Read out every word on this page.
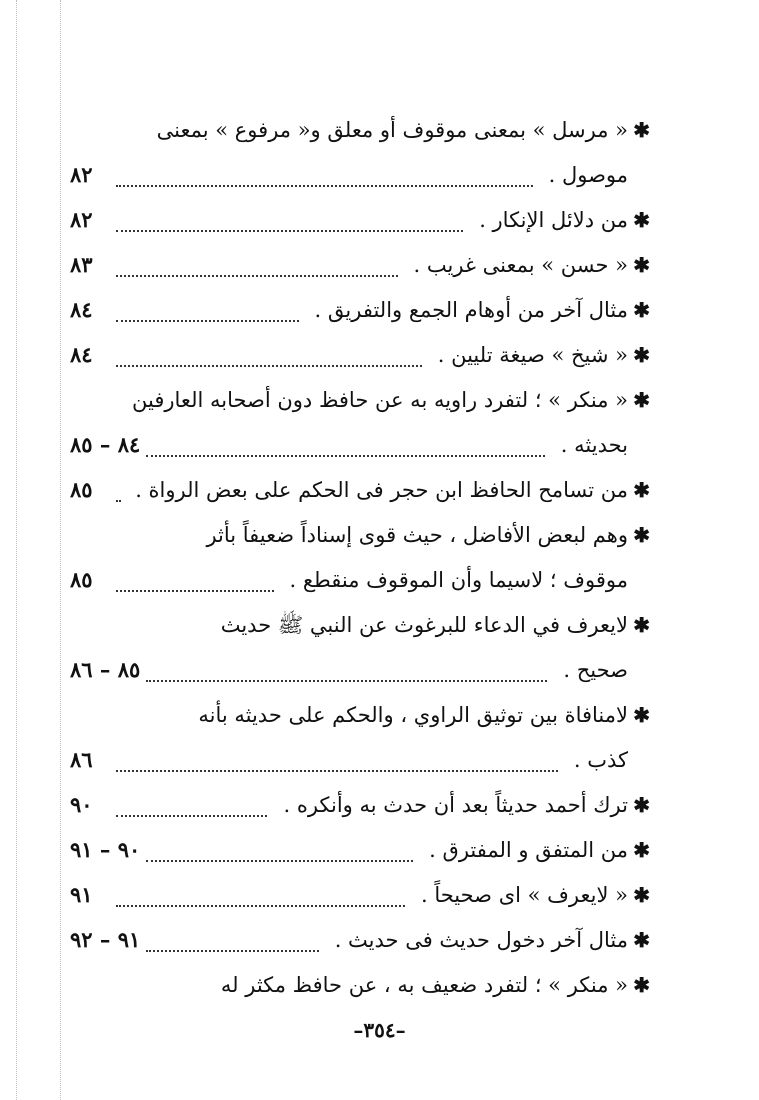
✱
« مرسل » بمعنى موقوف أو معلق و« مرفوع » بمعنى
موصول .
٨٢
✱
من دلائل الإنكار .
٨٢
✱
« حسن » بمعنى غريب .
٨٣
✱
مثال آخر من أوهام الجمع والتفريق .
٨٤
✱
« شيخ » صيغة تليين .
٨٤
✱
« منكر » ؛ لتفرد راويه به عن حافظ دون أصحابه العارفين
بحديثه .
٨٤ – ٨٥
✱
من تسامح الحافظ ابن حجر فى الحكم على بعض الرواة .
٨٥
✱
وهم لبعض الأفاضل ، حيث قوى إسناداً ضعيفاً بأثر
موقوف ؛ لاسيما وأن الموقوف منقطع .
٨٥
✱
لايعرف في الدعاء للبرغوث عن النبي ﷺ حديث
صحيح .
٨٥ – ٨٦
✱
لامنافاة بين توثيق الراوي ، والحكم على حديثه بأنه
كذب .
٨٦
✱
ترك أحمد حديثاً بعد أن حدث به وأنكره .
٩٠
✱
من المتفق و المفترق .
٩٠ – ٩١
✱
« لايعرف » اى صحيحاً .
٩١
✱
مثال آخر دخول حديث فى حديث .
٩١ – ٩٢
✱
« منكر » ؛ لتفرد ضعيف به ، عن حافظ مكثر له
–٣٥٤–
